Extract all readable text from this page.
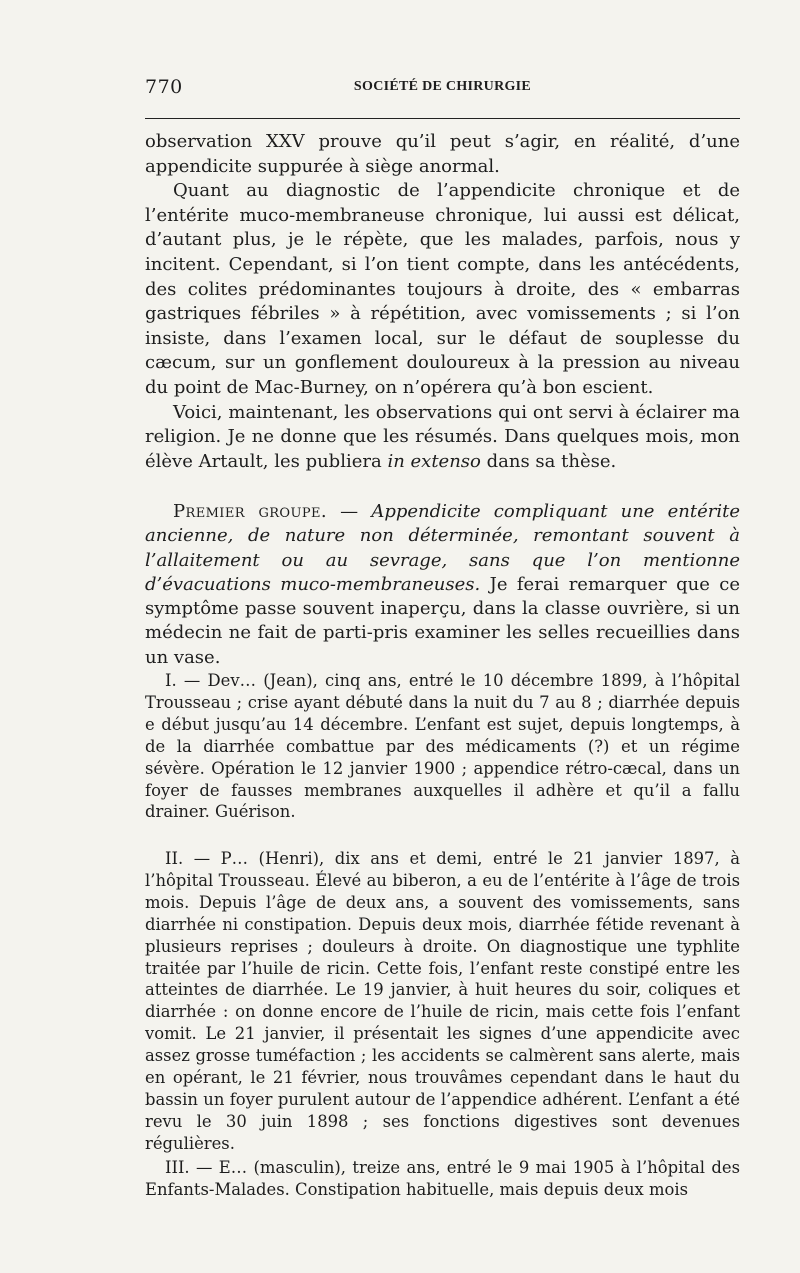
770	SOCIÉTÉ DE CHIRURGIE

observation XXV prouve qu’il peut s’agir, en réalité, d’une appendicite suppurée à siège anormal.

Quant au diagnostic de l’appendicite chronique et de l’entérite muco-membraneuse chronique, lui aussi est délicat, d’autant plus, je le répète, que les malades, parfois, nous y incitent. Cependant, si l’on tient compte, dans les antécédents, des colites prédominantes toujours à droite, des « embarras gastriques fébriles » à répétition, avec vomissements ; si l’on insiste, dans l’examen local, sur le défaut de souplesse du cæcum, sur un gonflement douloureux à la pression au niveau du point de Mac-Burney, on n’opérera qu’à bon escient.

Voici, maintenant, les observations qui ont servi à éclairer ma religion. Je ne donne que les résumés. Dans quelques mois, mon élève Artault, les publiera in extenso dans sa thèse.

Premier groupe. — Appendicite compliquant une entérite ancienne, de nature non déterminée, remontant souvent à l’allaitement ou au sevrage, sans que l’on mentionne d’évacuations muco-membraneuses. Je ferai remarquer que ce symptôme passe souvent inaperçu, dans la classe ouvrière, si un médecin ne fait de parti-pris examiner les selles recueillies dans un vase.

I. — Dev… (Jean), cinq ans, entré le 10 décembre 1899, à l’hôpital Trousseau ; crise ayant débuté dans la nuit du 7 au 8 ; diarrhée depuis e début jusqu’au 14 décembre. L’enfant est sujet, depuis longtemps, à de la diarrhée combattue par des médicaments (?) et un régime sévère. Opération le 12 janvier 1900 ; appendice rétro-cæcal, dans un foyer de fausses membranes auxquelles il adhère et qu’il a fallu drainer. Guérison.

II. — P… (Henri), dix ans et demi, entré le 21 janvier 1897, à l’hôpital Trousseau. Élevé au biberon, a eu de l’entérite à l’âge de trois mois. Depuis l’âge de deux ans, a souvent des vomissements, sans diarrhée ni constipation. Depuis deux mois, diarrhée fétide revenant à plusieurs reprises ; douleurs à droite. On diagnostique une typhlite traitée par l’huile de ricin. Cette fois, l’enfant reste constipé entre les atteintes de diarrhée. Le 19 janvier, à huit heures du soir, coliques et diarrhée : on donne encore de l’huile de ricin, mais cette fois l’enfant vomit. Le 21 janvier, il présentait les signes d’une appendicite avec assez grosse tuméfaction ; les accidents se calmèrent sans alerte, mais en opérant, le 21 février, nous trouvâmes cependant dans le haut du bassin un foyer purulent autour de l’appendice adhérent. L’enfant a été revu le 30 juin 1898 ; ses fonctions digestives sont devenues régulières.

III. — E… (masculin), treize ans, entré le 9 mai 1905 à l’hôpital des Enfants-Malades. Constipation habituelle, mais depuis deux mois
